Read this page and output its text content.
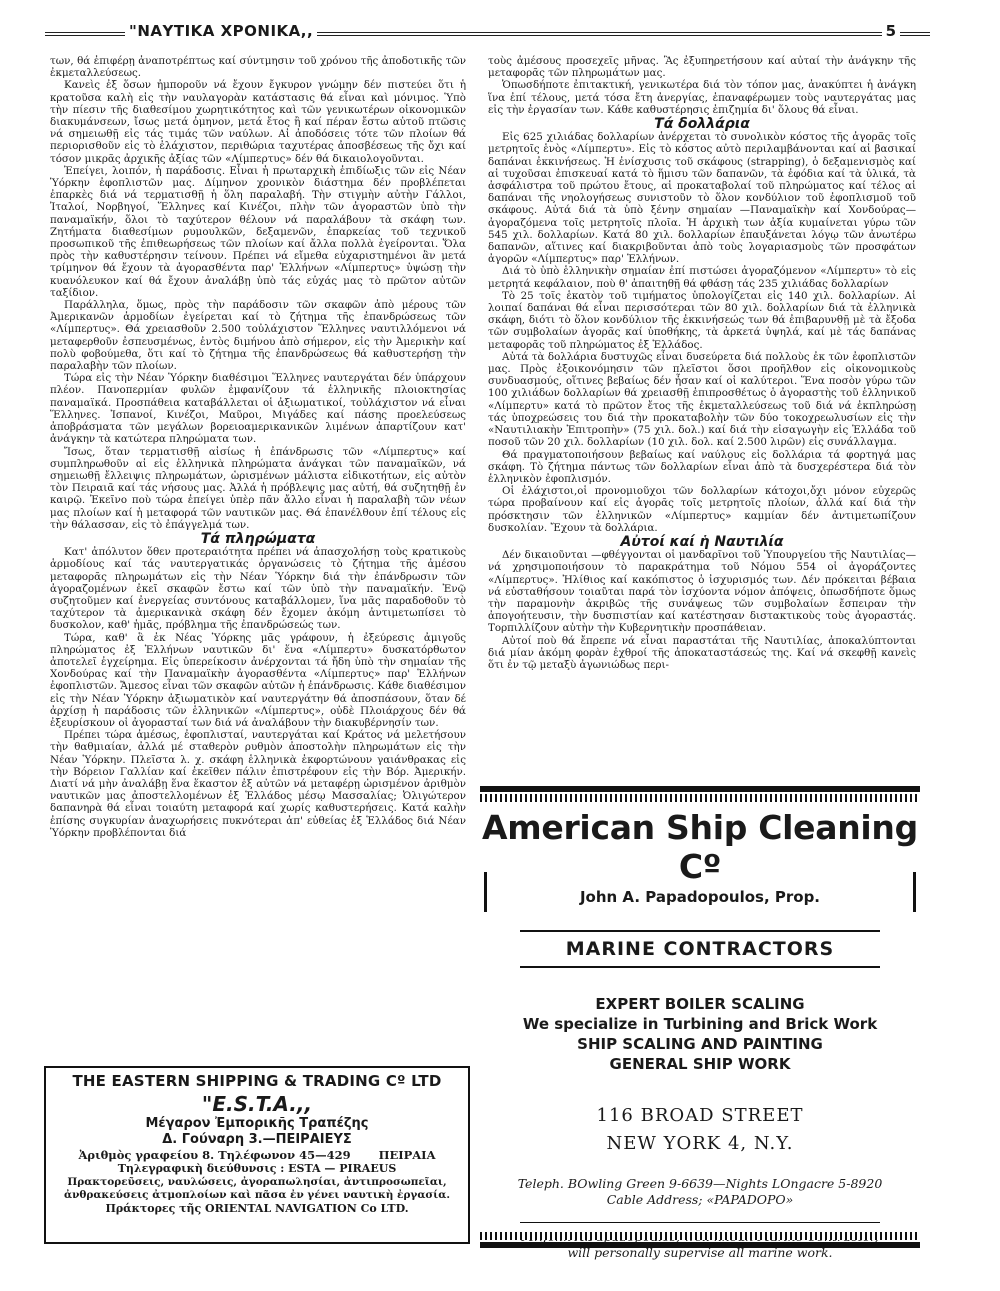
"ΝΑΥΤΙΚΑ ΧΡΟΝΙΚΑ,,	5

των, θά ἐπιφέρῃ ἀναποτρέπτως καί σύντμησιν τοῦ χρόνου τῆς ἀποδοτικῆς τῶν ἐκμεταλλεύσεως.

Κανεὶς ἐξ ὅσων ἠμποροῦν νά ἔχουν ἔγκυρον γνώμην δέν πιστεύει ὅτι ἡ κρατοῦσα καλὴ εἰς τὴν ναυλαγορὰν κατάστασις θά εἶναι καὶ μόνιμος. Ὑπὸ τὴν πίεσιν τῆς διαθεσίμου χωρητικότητος καὶ τῶν γενικωτέρων οἰκονομικῶν διακυμάνσεων, ἴσως μετά ὀμηνον, μετά ἔτος ἢ καί πέραν ἔστω αὐτοῦ πτῶσις νά σημειωθῇ εἰς τάς τιμάς τῶν ναύλων. Αἱ ἀποδόσεις τότε τῶν πλοίων θά περιορισθοῦν εἰς τὸ ἐλάχιστον, περιθώρια ταχυτέρας ἀποσβέσεως τῆς ὄχι καί τόσον μικρᾶς ἀρχικῆς ἀξίας τῶν «Λίμπερτυς» δέν θά δικαιολογοῦνται.

Ἐπείγει, λοιπόν, ἡ παράδοσις. Εἶναι ἡ πρωταρχικὴ ἐπιδίωξις τῶν εἰς Νέαν Ὑόρκην ἐφοπλιστῶν μας. Δίμηνον χρονικὸν διάστημα δέν προβλέπεται ἐπαρκὲς διά νά τερματισθῇ ἡ ὅλη παραλαβή. Τὴν στιγμὴν αὐτὴν Γάλλοι, Ἰταλοί, Νορβηγοί, Ἕλληνες καί Κινέζοι, πλὴν τῶν ἀγοραστῶν ὑπὸ τὴν παναμαϊκήν, ὅλοι τὸ ταχύτερον θέλουν νά παραλάβουν τὰ σκάφη των. Ζητήματα διαθεσίμων ρυμουλκῶν, δεξαμενῶν, ἐπαρκείας τοῦ τεχνικοῦ προσωπικοῦ τῆς ἐπιθεωρήσεως τῶν πλοίων καί ἄλλα πολλὰ ἐγείρονται. Ὅλα πρὸς τὴν καθυστέρησιν τείνουν. Πρέπει νά εἴμεθα εὐχαριστημένοι ἂν μετά τρίμηνον θά ἔχουν τὰ ἀγορασθέντα παρ' Ἑλλήνων «Λίμπερτυς» ὑψώσῃ τὴν κυανόλευκον καί θά ἔχουν ἀναλάβῃ ὑπὸ τάς εὐχάς μας τὸ πρῶτον αὐτῶν ταξίδιον.

Παράλληλα, ὅμως, πρὸς τὴν παράδοσιν τῶν σκαφῶν ἀπὸ μέρους τῶν Ἀμερικανῶν ἁρμοδίων ἐγείρεται καί τὸ ζήτημα τῆς ἐπανδρώσεως τῶν «Λίμπερτυς». Θά χρειασθοῦν 2.500 τοὐλάχιστον Ἕλληνες ναυτιλλόμενοι νά μεταφερθοῦν ἐσπευσμένως, ἐντὸς διμήνου ἀπὸ σήμερον, εἰς τὴν Ἀμερικὴν καί πολὺ φοβούμεθα, ὅτι καί τὸ ζήτημα τῆς ἐπανδρώσεως θά καθυστερήσῃ τὴν παραλαβὴν τῶν πλοίων.

Τώρα εἰς τὴν Νέαν Ὑόρκην διαθέσιμοι Ἕλληνες ναυτεργάται δέν ὑπάρχουν πλέον. Πανοπερμίαν φυλῶν ἐμφανίζουν τά ἑλληνικῆς πλοιοκτησίας παναμαϊκά. Προσπάθεια καταβάλλεται οἱ ἀξιωματικοί, τοὐλάχιστον νά εἶναι Ἕλληνες. Ἰσπανοί, Κινέζοι, Μαῦροι, Μιγάδες καί πάσης προελεύσεως ἀποβράσματα τῶν μεγάλων βορειοαμερικανικῶν λιμένων ἀπαρτίζουν κατ' ἀνάγκην τὰ κατώτερα πληρώματα των.

Ἴσως, ὅταν τερματισθῇ αἰσίως ἡ ἐπάνδρωσις τῶν «Λίμπερτυς» καί συμπληρωθοῦν αἱ εἰς ἑλληνικὰ πληρώματα ἀνάγκαι τῶν παναμαϊκῶν, νά σημειωθῇ ἔλλειψις πληρωμάτων, ὡρισμένων μάλιστα εἰδικοτήτων, εἰς αὐτὸν τὸν Πειραιᾶ καί τάς νήσους μας. Ἀλλά ἡ πρόβλεψις μας αὐτή, θά συζητηθῇ ἐν καιρῷ. Ἐκεῖνο ποὺ τώρα ἐπείγει ὑπὲρ πᾶν ἄλλο εἶναι ἡ παραλαβὴ τῶν νέων μας πλοίων καί ἡ μεταφορά τῶν ναυτικῶν μας. Θά ἐπανέλθουν ἐπί τέλους εἰς τὴν θάλασσαν, εἰς τὸ ἐπάγγελμά των.

Τά πληρώματα

Κατ' ἀπόλυτον ὅθεν προτεραιότητα πρέπει νά ἀπασχολήσῃ τοὺς κρατικοὺς ἁρμοδίους καί τάς ναυτεργατικάς ὀργανώσεις τὸ ζήτημα τῆς ἀμέσου μεταφορᾶς πληρωμάτων εἰς τὴν Νέαν Ὑόρκην διά τὴν ἐπάνδρωσιν τῶν ἀγοραζομένων ἐκεῖ σκαφῶν ἔστω καί τῶν ὑπὸ τὴν παναμαϊκήν. Ἐνῷ συζητοῦμεν καί ἐνεργείας συντόνους καταβάλλομεν, ἵνα μᾶς παραδοθοῦν τὸ ταχύτερον τὰ ἀμερικανικὰ σκάφη δέν ἔχομεν ἀκόμη ἀντιμετωπίσει τὸ δυσκολον, καθ' ἡμᾶς, πρόβλημα τῆς ἐπανδρώσεώς των.

Τώρα, καθ' ἃ ἐκ Νέας Ὑόρκης μᾶς γράφουν, ἡ ἐξεύρεσις ἀμιγοῦς πληρώματος ἐξ Ἑλλήνων ναυτικῶν δι' ἕνα «Λίμπερτυ» δυσκατόρθωτον ἀποτελεῖ ἐγχείρημα. Εἰς ὑπερείκοσιν ἀνέρχονται τά ἤδη ὑπὸ τὴν σημαίαν τῆς Χονδούρας καί τὴν Παναμαϊκὴν ἀγορασθέντα «Λίμπερτυς» παρ' Ἑλλήνων ἐφοπλιστῶν. Ἄμεσος εἶναι τῶν σκαφῶν αὐτῶν ἡ ἐπάνδρωσις. Κάθε διαθέσιμον εἰς τὴν Νέαν Ὑόρκην ἀξιωματικὸν καί ναυτεργάτην θά ἀποσπάσουν, ὅταν δέ ἀρχίσῃ ἡ παράδοσις τῶν ἑλληνικῶν «Λίμπερτυς», οὐδὲ Πλοιάρχους δέν θά ἐξευρίσκουν οἱ ἀγορασταί των διά νά ἀναλάβουν τὴν διακυβέρνησίν των.

Πρέπει τώρα ἀμέσως, ἐφοπλισταί, ναυτεργάται καί Κράτος νά μελετήσουν τὴν θαθμιαίαν, ἀλλά μέ σταθερὸν ρυθμὸν ἀποστολὴν πληρωμάτων εἰς τὴν Νέαν Ὑόρκην. Πλεῖστα λ. χ. σκάφη ἑλληνικὰ ἐκφορτώνουν γαιάνθρακας εἰς τὴν Βόρειον Γαλλίαν καί ἐκεῖθεν πάλιν ἐπιστρέφουν εἰς τὴν Βόρ. Ἀμερικήν. Διατί νά μὴν ἀναλάβῃ ἕνα ἕκαστον ἐξ αὐτῶν νά μεταφέρῃ ὡρισμένον ἀριθμὸν ναυτικῶν μας ἀποστελλομένων ἐξ Ἑλλάδος μέσῳ Μασσαλίας; Ὀλιγώτερον δαπανηρὰ θά εἶναι τοιαύτη μεταφορά καί χωρίς καθυστερήσεις. Κατά καλὴν ἐπίσης συγκυρίαν ἀναχωρήσεις πυκνότεραι ἀπ' εὐθείας ἐξ Ἑλλάδος διά Νέαν Ὑόρκην προβλέπονται διά

τοὺς ἀμέσους προσεχεῖς μῆνας. Ἂς ἐξυπηρετήσουν καί αὐταί τὴν ἀνάγκην τῆς μεταφορᾶς τῶν πληρωμάτων μας.

Ὁπωσδήποτε ἐπιτακτική, γενικωτέρα διά τὸν τόπον μας, ἀνακύπτει ἡ ἀνάγκη ἵνα ἐπί τέλους, μετά τόσα ἔτη ἀνεργίας, ἐπαναφέρωμεν τοὺς ναυτεργάτας μας εἰς τὴν ἐργασίαν των. Κάθε καθυστέρησις ἐπιζημία δι' ὅλους θά εἶναι.

Τά δολλάρια

Εἰς 625 χιλιάδας δολλαρίων ἀνέρχεται τὸ συνολικὸν κόστος τῆς ἀγορᾶς τοῖς μετρητοῖς ἑνὸς «Λίμπερτυ». Εἰς τὸ κόστος αὐτὸ περιλαμβάνονται καί αἱ βασικαί δαπάναι ἐκκινήσεως. Ἡ ἐνίσχυσις τοῦ σκάφους (strapping), ὁ δεξαμενισμὸς καί αἱ τυχοῦσαι ἐπισκευαί κατά τὸ ἥμισυ τῶν δαπανῶν, τὰ ἐφόδια καί τὰ ὑλικά, τὰ ἀσφάλιστρα τοῦ πρώτου ἔτους, αἱ προκαταβολαί τοῦ πληρώματος καί τέλος αἱ δαπάναι τῆς νηολογήσεως συνιστοῦν τὸ ὅλον κονδύλιον τοῦ ἐφοπλισμοῦ τοῦ σκάφους. Αὐτά διά τὰ ὑπὸ ξένην σημαίαν —Παναμαϊκὴν καί Χονδούρας— ἀγοραζόμενα τοῖς μετρητοῖς πλοῖα. Ἡ ἀρχικὴ των ἀξία κυμαίνεται γύρω τῶν 545 χιλ. δολλαρίων. Κατά 80 χιλ. δολλαρίων ἐπαυξάνεται λόγῳ τῶν ἀνωτέρω δαπανῶν, αἵτινες καί διακριβοῦνται ἀπὸ τοὺς λογαριασμοὺς τῶν προσφάτων ἀγορῶν «Λίμπερτυς» παρ' Ἑλλήνων.

Διά τὸ ὑπὸ ἑλληνικὴν σημαίαν ἐπί πιστώσει ἀγοραζόμενον «Λίμπερτυ» τὸ εἰς μετρητά κεφάλαιον, ποὺ θ' ἀπαιτηθῇ θά φθάσῃ τάς 235 χιλιάδας δολλαρίων

Τὸ 25 τοῖς ἑκατὸν τοῦ τιμήματος ὑπολογίζεται εἰς 140 χιλ. δολλαρίων. Αἱ λοιπαί δαπάναι θά εἶναι περισσότεραι τῶν 80 χιλ. δολλαρίων διά τὰ ἑλληνικὰ σκάφη, διότι τὸ ὅλον κονδύλιον τῆς ἐκκινήσεώς των θά ἐπιβαρυνθῇ μὲ τὰ ἔξοδα τῶν συμβολαίων ἀγορᾶς καί ὑποθήκης, τὰ ἀρκετά ὑψηλά, καί μὲ τάς δαπάνας μεταφορᾶς τοῦ πληρώματος ἐξ Ἑλλάδος.

Αὐτά τὰ δολλάρια δυστυχῶς εἶναι δυσεύρετα διά πολλοὺς ἐκ τῶν ἐφοπλιστῶν μας. Πρὸς ἐξοικονόμησιν τῶν πλεῖστοι ὅσοι προῆλθον εἰς οἰκονομικοὺς συνδυασμούς, οἵτινες βεβαίως δέν ἦσαν καί οἱ καλύτεροι. Ἕνα ποσὸν γύρω τῶν 100 χιλιάδων δολλαρίων θά χρειασθῇ ἐπιπροσθέτως ὁ ἀγοραστὴς τοῦ ἑλληνικοῦ «Λίμπερτυ» κατά τὸ πρῶτον ἔτος τῆς ἐκμεταλλεύσεως τοῦ διά νά ἐκπληρώσῃ τάς ὑποχρεώσεις του διά τὴν προκαταβολὴν τῶν δύο τοκοχρεωλυσίων εἰς τὴν «Ναυτιλιακὴν Ἐπιτροπὴν» (75 χιλ. δολ.) καί διά τὴν εἰσαγωγὴν εἰς Ἑλλάδα τοῦ ποσοῦ τῶν 20 χιλ. δολλαρίων (10 χιλ. δολ. καί 2.500 λιρῶν) εἰς συνάλλαγμα.

Θά πραγματοποιήσουν βεβαίως καί ναύλους εἰς δολλάρια τά φορτηγά μας σκάφη. Τὸ ζήτημα πάντως τῶν δολλαρίων εἶναι ἀπὸ τὰ δυσχερέστερα διά τὸν ἑλληνικὸν ἐφοπλισμόν.

Οἱ ἐλάχιστοι,οἱ προνομιοῦχοι τῶν δολλαρίων κάτοχοι,ὄχι μόνον εὐχερῶς τώρα προβαίνουν καί εἰς ἀγορᾶς τοῖς μετρητοῖς πλοίων, ἀλλά καί διά τὴν πρόσκτησιν τῶν ἑλληνικῶν «Λίμπερτυς» καμμίαν δέν ἀντιμετωπίζουν δυσκολίαν. Ἔχουν τὰ δολλάρια.

Αὐτοί καί ἡ Ναυτιλία

Δέν δικαιοῦνται —φθέγγονται οἱ μανδαρῖνοι τοῦ Ὑπουργείου τῆς Ναυτιλίας— νά χρησιμοποιήσουν τὸ παρακράτημα τοῦ Νόμου 554 οἱ ἀγοράζοντες «Λίμπερτυς». Ἠλίθιος καί κακόπιστος ὁ ἰσχυρισμός των. Δέν πρόκειται βέβαια νά εὐσταθήσουν τοιαῦται παρά τὸν ἰσχύοντα νόμον ἀπόψεις, ὁπωσδήποτε ὅμως τὴν παραμονὴν ἀκριβῶς τῆς συνάψεως τῶν συμβολαίων ἔσπειραν τὴν ἀπογοήτευσιν, τὴν δυσπιστίαν καί κατέστησαν διστακτικοὺς τοὺς ἀγοραστάς. Τορπιλλίζουν αὐτὴν τὴν Κυβερνητικὴν προσπάθειαν.

Αὐτοί ποὺ θά ἔπρεπε νά εἶναι παραστάται τῆς Ναυτιλίας, ἀποκαλύπτονται διά μίαν ἀκόμη φορὰν ἐχθροί τῆς ἀποκαταστάσεώς της. Καί νά σκεφθῇ κανεὶς ὅτι ἐν τῷ μεταξὺ ἀγωνιώδως περι-

American Ship Cleaning Cº
John A. Papadopoulos, Prop.
MARINE CONTRACTORS
EXPERT BOILER SCALING
We specialize in Turbining and Brick Work
SHIP SCALING AND PAINTING
GENERAL SHIP WORK
116 BROAD STREET
NEW YORK 4, N.Y.
Teleph. BOwling Green 9-6639—Nights LOngacre 5-8920
Cable Address; «PAPADOPO»
will personally supervise all marine work.
THE EASTERN SHIPPING & TRADING Cº LTD
"E.S.T.A.,,
Μέγαρον Ἐμπορικῆς Τραπέζης
Δ. Γούναρη 3.—ΠΕΙΡΑΙΕΥΣ
Ἀριθμὸς γραφείου 8. Τηλέφωνον 45—429 ΠΕΙΡΑΙΑ
Τηλεγραφικὴ διεύθυνσις : ESTA — PIRAEUS
Πρακτορεῦσεις, ναυλώσεις, ἀγοραπωλησίαι, ἀντιπροσωπεῖαι,
ἀνθρακεύσεις ἀτμοπλοίων καὶ πᾶσα ἐν γένει ναυτικὴ ἐργασία.
Πράκτορες τῆς ORIENTAL NAVIGATION Co LTD.
